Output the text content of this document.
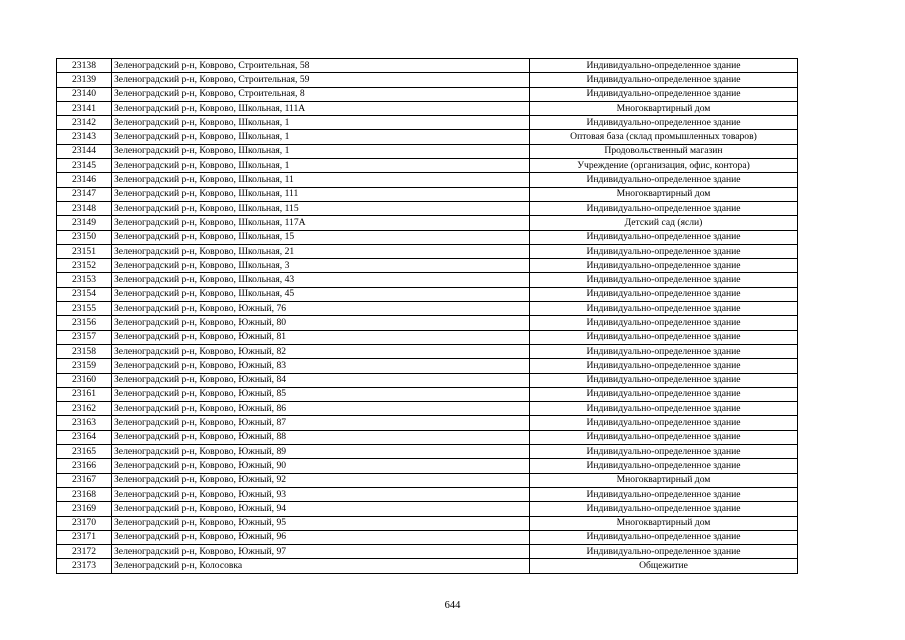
23138	Зеленоградский р-н, Коврово, Строительная, 58	Индивидуально-определенное здание
23139	Зеленоградский р-н, Коврово, Строительная, 59	Индивидуально-определенное здание
23140	Зеленоградский р-н, Коврово, Строительная, 8	Индивидуально-определенное здание
23141	Зеленоградский р-н, Коврово, Школьная, 111А	Многоквартирный дом
23142	Зеленоградский р-н, Коврово, Школьная, 1	Индивидуально-определенное здание
23143	Зеленоградский р-н, Коврово, Школьная, 1	Оптовая база (склад промышленных товаров)
23144	Зеленоградский р-н, Коврово, Школьная, 1	Продовольственный магазин
23145	Зеленоградский р-н, Коврово, Школьная, 1	Учреждение (организация, офис, контора)
23146	Зеленоградский р-н, Коврово, Школьная, 11	Индивидуально-определенное здание
23147	Зеленоградский р-н, Коврово, Школьная, 111	Многоквартирный дом
23148	Зеленоградский р-н, Коврово, Школьная, 115	Индивидуально-определенное здание
23149	Зеленоградский р-н, Коврово, Школьная, 117А	Детский сад (ясли)
23150	Зеленоградский р-н, Коврово, Школьная, 15	Индивидуально-определенное здание
23151	Зеленоградский р-н, Коврово, Школьная, 21	Индивидуально-определенное здание
23152	Зеленоградский р-н, Коврово, Школьная, 3	Индивидуально-определенное здание
23153	Зеленоградский р-н, Коврово, Школьная, 43	Индивидуально-определенное здание
23154	Зеленоградский р-н, Коврово, Школьная, 45	Индивидуально-определенное здание
23155	Зеленоградский р-н, Коврово, Южный, 76	Индивидуально-определенное здание
23156	Зеленоградский р-н, Коврово, Южный, 80	Индивидуально-определенное здание
23157	Зеленоградский р-н, Коврово, Южный, 81	Индивидуально-определенное здание
23158	Зеленоградский р-н, Коврово, Южный, 82	Индивидуально-определенное здание
23159	Зеленоградский р-н, Коврово, Южный, 83	Индивидуально-определенное здание
23160	Зеленоградский р-н, Коврово, Южный, 84	Индивидуально-определенное здание
23161	Зеленоградский р-н, Коврово, Южный, 85	Индивидуально-определенное здание
23162	Зеленоградский р-н, Коврово, Южный, 86	Индивидуально-определенное здание
23163	Зеленоградский р-н, Коврово, Южный, 87	Индивидуально-определенное здание
23164	Зеленоградский р-н, Коврово, Южный, 88	Индивидуально-определенное здание
23165	Зеленоградский р-н, Коврово, Южный, 89	Индивидуально-определенное здание
23166	Зеленоградский р-н, Коврово, Южный, 90	Индивидуально-определенное здание
23167	Зеленоградский р-н, Коврово, Южный, 92	Многоквартирный дом
23168	Зеленоградский р-н, Коврово, Южный, 93	Индивидуально-определенное здание
23169	Зеленоградский р-н, Коврово, Южный, 94	Индивидуально-определенное здание
23170	Зеленоградский р-н, Коврово, Южный, 95	Многоквартирный дом
23171	Зеленоградский р-н, Коврово, Южный, 96	Индивидуально-определенное здание
23172	Зеленоградский р-н, Коврово, Южный, 97	Индивидуально-определенное здание
23173	Зеленоградский р-н, Колосовка	Общежитие
644
